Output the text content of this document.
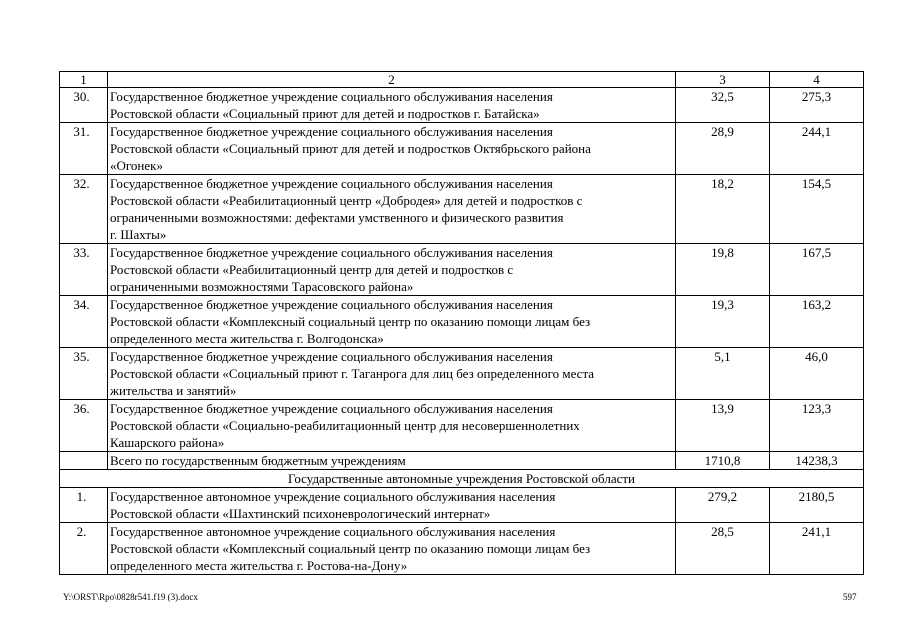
1	2	3	4
30.	Государственное бюджетное учреждение социального обслуживания населения
Ростовской области «Социальный приют для детей и подростков г. Батайска»	32,5	275,3
31.	Государственное бюджетное учреждение социального обслуживания населения
Ростовской области «Социальный приют для детей и подростков Октябрьского района
«Огонек»	28,9	244,1
32.	Государственное бюджетное учреждение социального обслуживания населения
Ростовской области «Реабилитационный центр «Добродея» для детей и подростков с
ограниченными возможностями: дефектами умственного и физического развития
г. Шахты»	18,2	154,5
33.	Государственное бюджетное учреждение социального обслуживания населения
Ростовской области «Реабилитационный центр для детей и подростков с
ограниченными возможностями Тарасовского района»	19,8	167,5
34.	Государственное бюджетное учреждение социального обслуживания населения
Ростовской области «Комплексный социальный центр по оказанию помощи лицам без
определенного места жительства г. Волгодонска»	19,3	163,2
35.	Государственное бюджетное учреждение социального обслуживания населения
Ростовской области «Социальный приют г. Таганрога для лиц без определенного места
жительства и занятий»	5,1	46,0
36.	Государственное бюджетное учреждение социального обслуживания населения
Ростовской области «Социально-реабилитационный центр для несовершеннолетних
Кашарского района»	13,9	123,3
	Всего по государственным бюджетным учреждениям	1710,8	14238,3
Государственные автономные учреждения Ростовской области			
1.	Государственное автономное учреждение социального обслуживания населения
Ростовской области «Шахтинский психоневрологический интернат»	279,2	2180,5
2.	Государственное автономное учреждение социального обслуживания населения
Ростовской области «Комплексный социальный центр по оказанию помощи лицам без
определенного места жительства г. Ростова-на-Дону»	28,5	241,1
Y:\ORST\Rpo\0828r541.f19 (3).docx	597
